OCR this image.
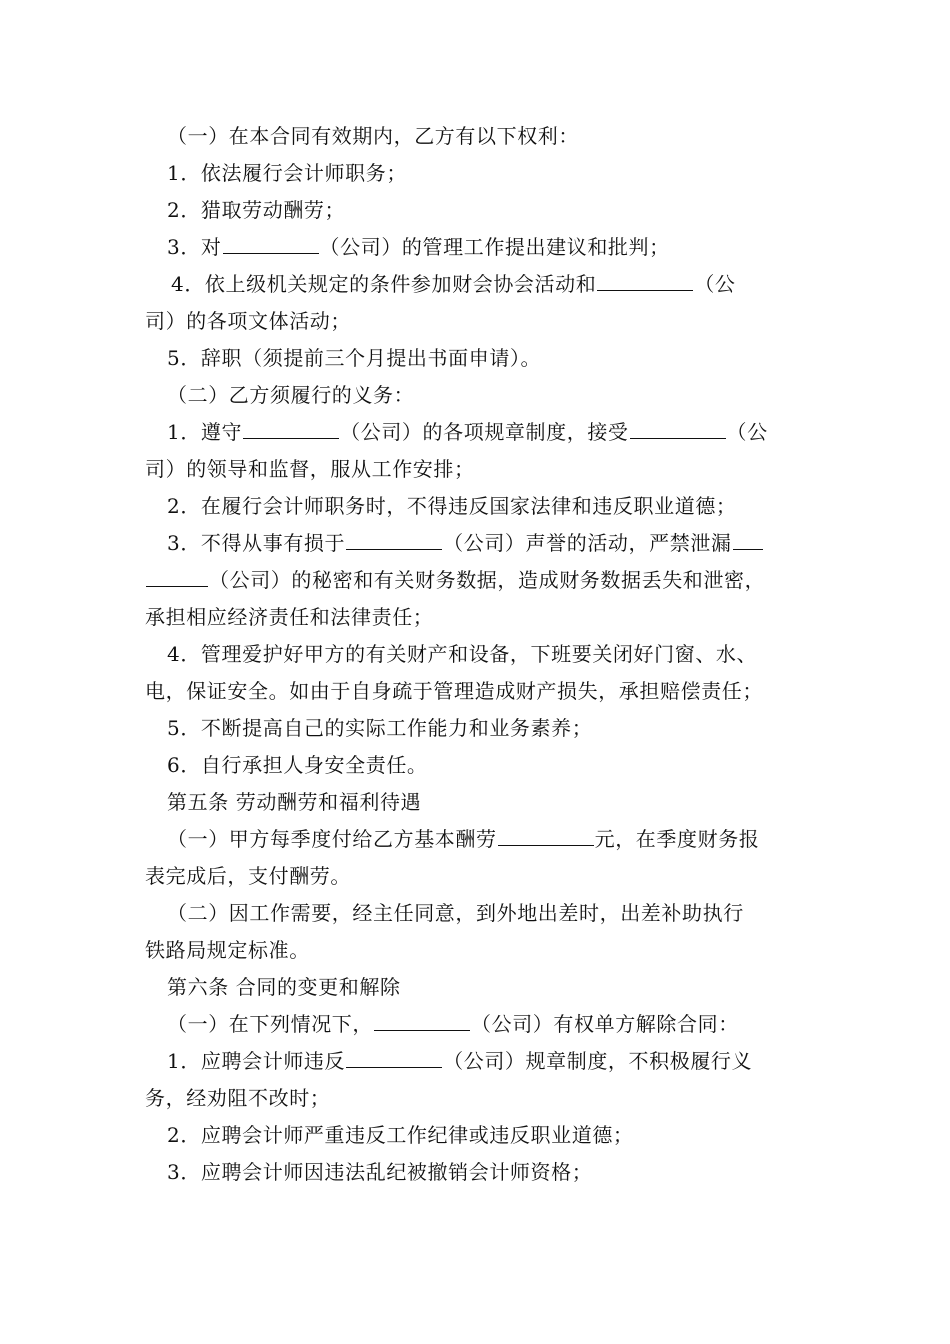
（一）在本合同有效期内，乙方有以下权利：

1．依法履行会计师职务；

2．猎取劳动酬劳；

3．对	（公司）的管理工作提出建议和批判；

4．依上级机关规定的条件参加财会协会活动和	（公
司）的各项文体活动；

5．辞职（须提前三个月提出书面申请）。

（二）乙方须履行的义务：

1．遵守	（公司）的各项规章制度，接受	（公
司）的领导和监督，服从工作安排；

2．在履行会计师职务时，不得违反国家法律和违反职业道德；

3．不得从事有损于	（公司）声誉的活动，严禁泄漏
（公司）的秘密和有关财务数据，造成财务数据丢失和泄密，
承担相应经济责任和法律责任；

4．管理爱护好甲方的有关财产和设备，下班要关闭好门窗、水、
电，保证安全。如由于自身疏于管理造成财产损失，承担赔偿责任；

5．不断提高自己的实际工作能力和业务素养；

6．自行承担人身安全责任。

第五条 劳动酬劳和福利待遇

（一）甲方每季度付给乙方基本酬劳	元，在季度财务报
表完成后，支付酬劳。

（二）因工作需要，经主任同意，到外地出差时，出差补助执行
铁路局规定标准。

第六条 合同的变更和解除

（一）在下列情况下，	（公司）有权单方解除合同：

1．应聘会计师违反	（公司）规章制度，不积极履行义
务，经劝阻不改时；

2．应聘会计师严重违反工作纪律或违反职业道德；

3．应聘会计师因违法乱纪被撤销会计师资格；
